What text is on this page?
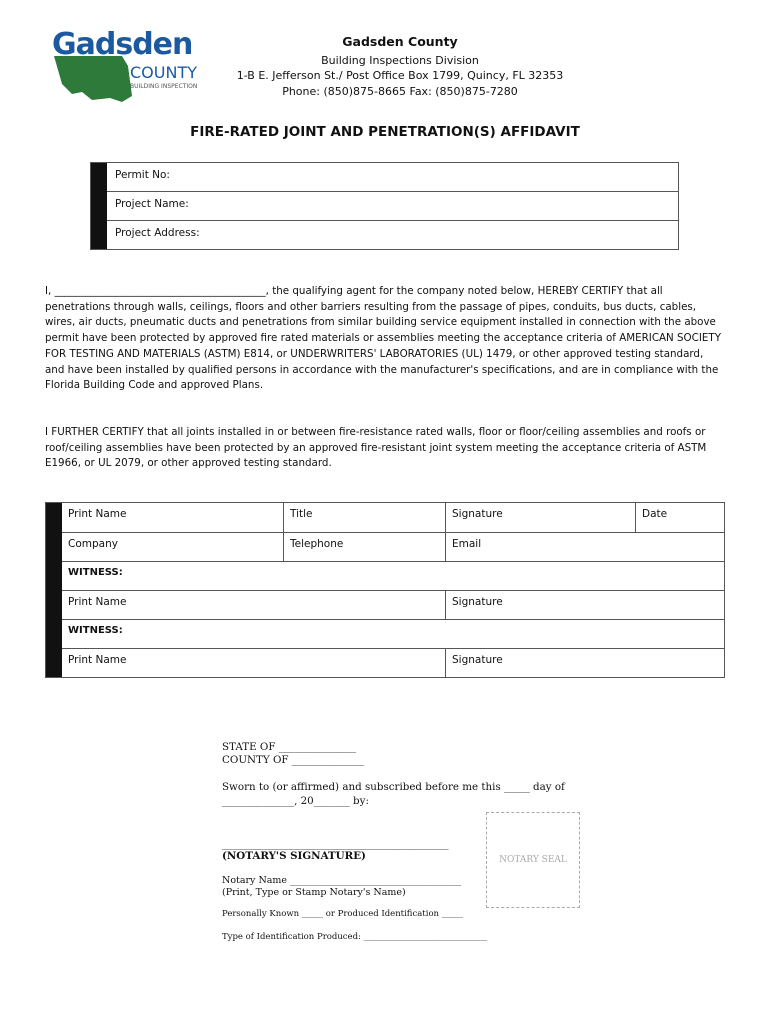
Gadsden
COUNTY
BUILDING INSPECTION
Gadsden County
Building Inspections Division
1-B E. Jefferson St./ Post Office Box 1799, Quincy, FL 32353
Phone: (850)875-8665 Fax: (850)875-7280
FIRE-RATED JOINT AND PENETRATION(S) AFFIDAVIT
Permit No:
Project Name:
Project Address:
I, _________________________________________, the qualifying agent for the company noted below, HEREBY CERTIFY that all penetrations through walls, ceilings, floors and other barriers resulting from the passage of pipes, conduits, bus ducts, cables, wires, air ducts, pneumatic ducts and penetrations from similar building service equipment installed in connection with the above permit have been protected by approved fire rated materials or assemblies meeting the acceptance criteria of AMERICAN SOCIETY FOR TESTING AND MATERIALS (ASTM) E814, or UNDERWRITERS' LABORATORIES (UL) 1479, or other approved testing standard, and have been installed by qualified persons in accordance with the manufacturer's specifications, and are in compliance with the Florida Building Code and approved Plans.
I FURTHER CERTIFY that all joints installed in or between fire-resistance rated walls, floor or floor/ceiling assemblies and roofs or roof/ceiling assemblies have been protected by an approved fire-resistant joint system meeting the acceptance criteria of ASTM E1966, or UL 2079, or other approved testing standard.
Print Name	Title	Signature	Date
Company	Telephone	Email
WITNESS:
Print Name	Signature
WITNESS:
Print Name	Signature
STATE OF _______________
COUNTY OF ______________
Sworn to (or affirmed) and subscribed before me this _____ day of
______________, 20_______ by:
____________________________________________
(NOTARY'S SIGNATURE)
Notary Name ____________________________________
(Print, Type or Stamp Notary's Name)
Personally Known _____ or Produced Identification _____
Type of Identification Produced: _____________________________
NOTARY SEAL
